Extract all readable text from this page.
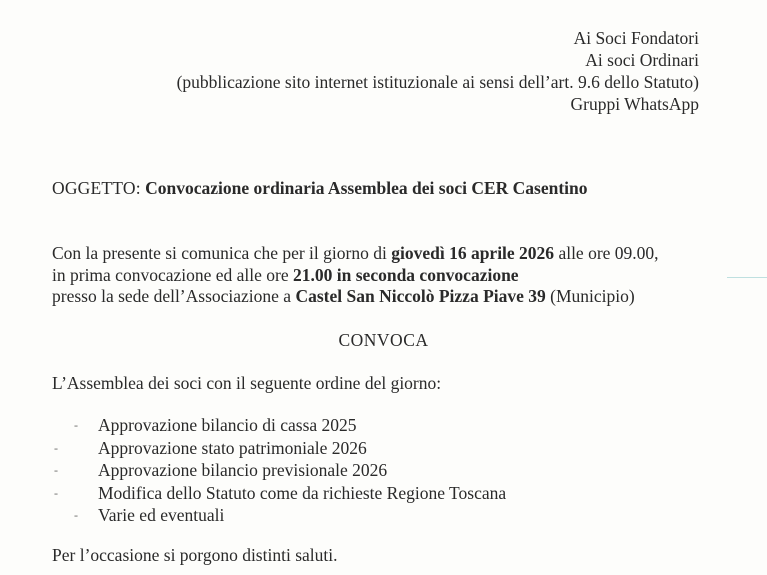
Ai Soci Fondatori
Ai soci Ordinari
(pubblicazione sito internet istituzionale ai sensi dell’art. 9.6 dello Statuto)
Gruppi WhatsApp
OGGETTO: Convocazione ordinaria Assemblea dei soci CER Casentino
Con la presente si comunica che per il giorno di giovedì 16 aprile 2026 alle ore 09.00,
in prima convocazione ed alle ore 21.00 in seconda convocazione
presso la sede dell’Associazione a Castel San Niccolò Pizza Piave 39 (Municipio)
CONVOCA
L’Assemblea dei soci con il seguente ordine del giorno:
- Approvazione bilancio di cassa 2025
- Approvazione stato patrimoniale 2026
- Approvazione bilancio previsionale 2026
- Modifica dello Statuto come da richieste Regione Toscana
- Varie ed eventuali
Per l’occasione si porgono distinti saluti.
